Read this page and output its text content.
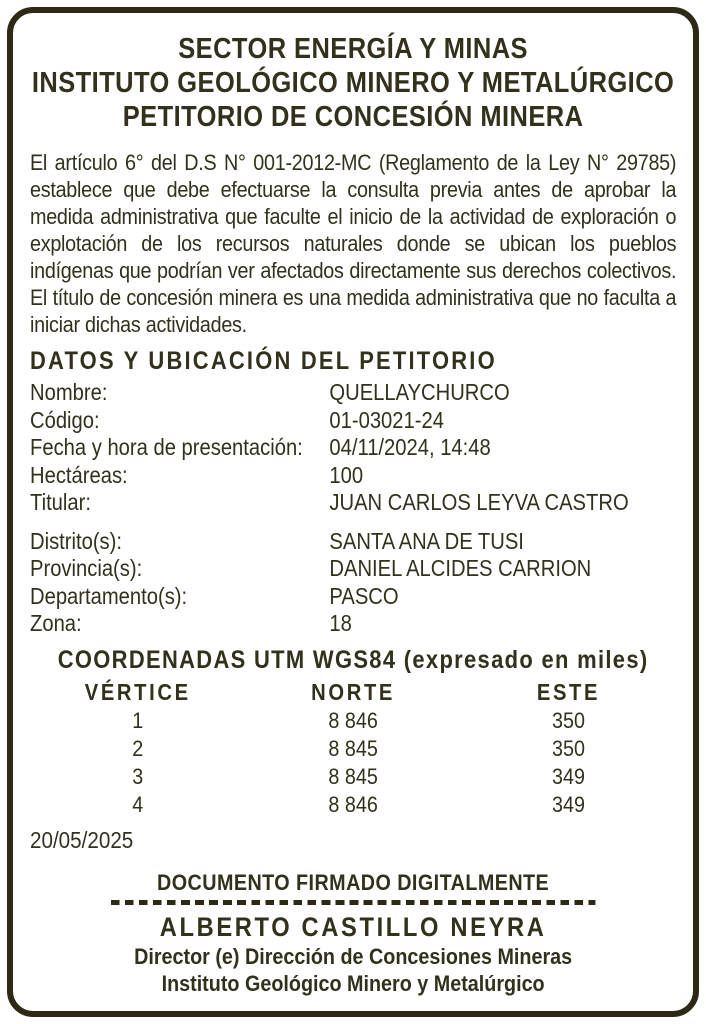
SECTOR ENERGÍA Y MINAS
INSTITUTO GEOLÓGICO MINERO Y METALÚRGICO
PETITORIO DE CONCESIÓN MINERA

El artículo 6° del D.S N° 001-2012-MC (Reglamento de la Ley N° 29785) establece que debe efectuarse la consulta previa antes de aprobar la medida administrativa que faculte el inicio de la actividad de exploración o explotación de los recursos naturales donde se ubican los pueblos indígenas que podrían ver afectados directamente sus derechos colectivos. El título de concesión minera es una medida administrativa que no faculta a iniciar dichas actividades.

DATOS Y UBICACIÓN DEL PETITORIO
Nombre:	QUELLAYCHURCO
Código:	01-03021-24
Fecha y hora de presentación:	04/11/2024, 14:48
Hectáreas:	100
Titular:	JUAN CARLOS LEYVA CASTRO
Distrito(s):	SANTA ANA DE TUSI
Provincia(s):	DANIEL ALCIDES CARRION
Departamento(s):	PASCO
Zona:	18
COORDENADAS UTM WGS84 (expresado en miles)
VÉRTICE	NORTE	ESTE
1	8 846	350
2	8 845	350
3	8 845	349
4	8 846	349
20/05/2025
DOCUMENTO FIRMADO DIGITALMENTE
ALBERTO CASTILLO NEYRA
Director (e) Dirección de Concesiones Mineras
Instituto Geológico Minero y Metalúrgico
